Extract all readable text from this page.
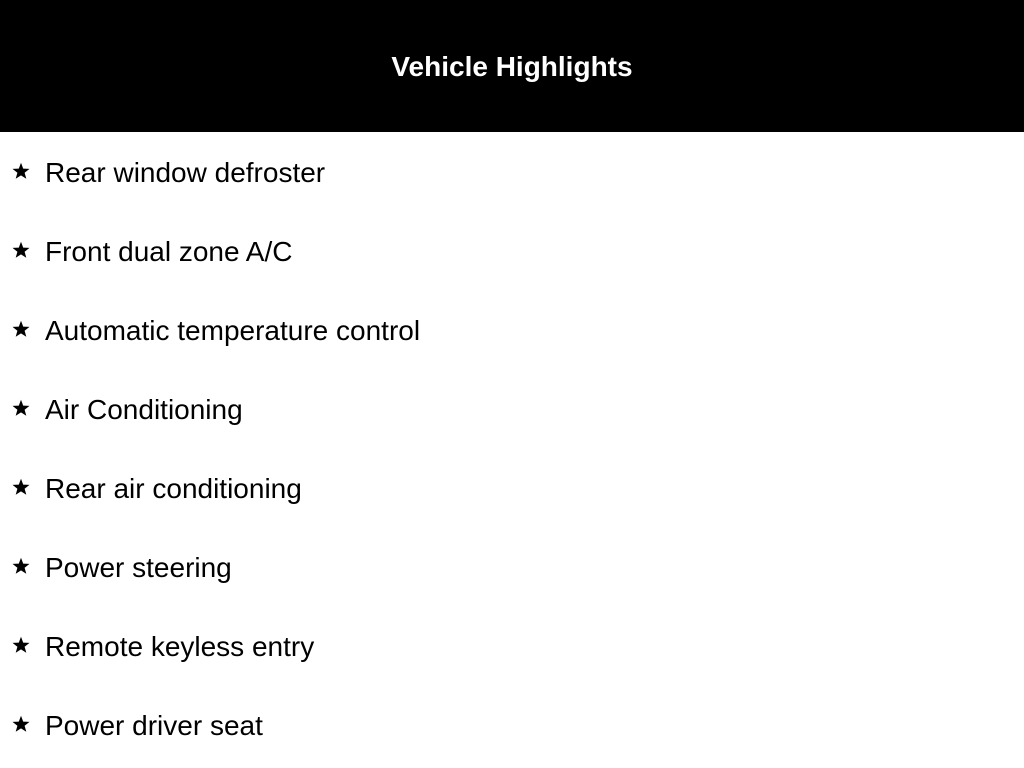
Vehicle Highlights
Rear window defroster
Front dual zone A/C
Automatic temperature control
Air Conditioning
Rear air conditioning
Power steering
Remote keyless entry
Power driver seat
